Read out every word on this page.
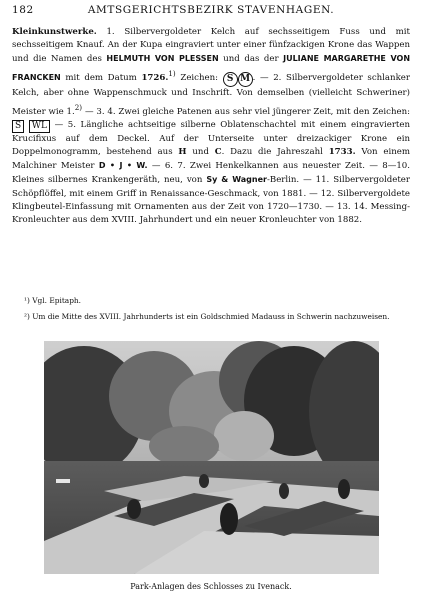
182	AMTSGERICHTSBEZIRK STAVENHAGEN.
Kleinkunstwerke. 1. Silbervergoldeter Kelch auf sechsseitigem Fuss und mit sechsseitigem Knauf. An der Kupa eingraviert unter einer fünfzackigen Krone das Wappen und die Namen des HELMUTH VON PLESSEN und das der JULIANE MARGARETHE VON FRANCKEN mit dem Datum 1726.$^{1)}$ Zeichen: S M . — 2. Silbervergoldeter schlanker Kelch, aber ohne Wappenschmuck und Inschrift. Von demselben (vielleicht Schweriner) Meister wie 1.$^{2)}$ — 3. 4. Zwei gleiche Patenen aus sehr viel jüngerer Zeit, mit den Zeichen: S WL — 5. Längliche achtseitige silberne Oblatenschachtel mit einem eingravierten Krucifixus auf dem Deckel. Auf der Unterseite unter dreizackiger Krone ein Doppelmonogramm, bestehend aus H und C. Dazu die Jahreszahl 1733. Von einem Malchiner Meister D • J • W. — 6. 7. Zwei Henkelkannen aus neuester Zeit. — 8—10. Kleines silbernes Krankengeräth, neu, von Sy & Wagner-Berlin. — 11. Silbervergoldeter Schöpflöffel, mit einem Griff in Renaissance-Geschmack, von 1881. — 12. Silbervergoldete Klingbeutel-Einfassung mit Ornamenten aus der Zeit von 1720—1730. — 13. 14. Messing-Kronleuchter aus dem XVIII. Jahrhundert und ein neuer Kronleuchter von 1882.

¹) Vgl. Epitaph.

²) Um die Mitte des XVIII. Jahrhunderts ist ein Goldschmied Madauss in Schwerin nachzuweisen.

Park-Anlagen des Schlosses zu Ivenack.
